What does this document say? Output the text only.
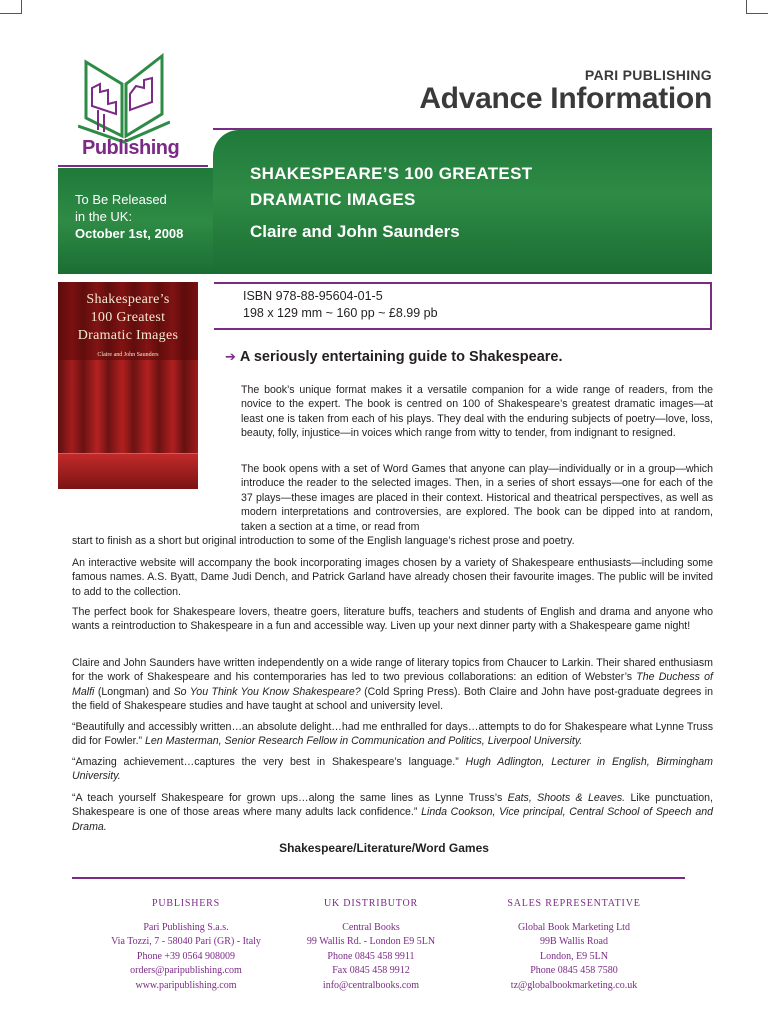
Publishing
PARI PUBLISHING
Advance Information
To Be Released
in the UK:
October 1st, 2008
SHAKESPEARE’S 100 GREATEST
DRAMATIC IMAGES
Claire and John Saunders
Shakespeare’s
100 Greatest
Dramatic Images
Claire and John Saunders
ISBN 978-88-95604-01-5
198 x 129 mm ~ 160 pp ~ £8.99 pb
➔ A seriously entertaining guide to Shakespeare.
The book’s unique format makes it a versatile companion for a wide range of readers, from the novice to the expert. The book is centred on 100 of Shakespeare’s greatest dramatic images—at least one is taken from each of his plays. They deal with the enduring subjects of poetry—love, loss, beauty, folly, injustice—in voices which range from witty to tender, from indignant to resigned.
The book opens with a set of Word Games that anyone can play—individually or in a group—which introduce the reader to the selected images. Then, in a series of short essays—one for each of the 37 plays—these images are placed in their context. Historical and theatrical perspectives, as well as modern interpretations and controversies, are explored. The book can be dipped into at random, taken a section at a time, or read from
start to finish as a short but original introduction to some of the English language’s richest prose and poetry.
An interactive website will accompany the book incorporating images chosen by a variety of Shakespeare enthusiasts—including some famous names. A.S. Byatt, Dame Judi Dench, and Patrick Garland have already chosen their favourite images. The public will be invited to add to the collection.
The perfect book for Shakespeare lovers, theatre goers, literature buffs, teachers and students of English and drama and anyone who wants a reintroduction to Shakespeare in a fun and accessible way. Liven up your next dinner party with a Shakespeare game night!
Claire and John Saunders have written independently on a wide range of literary topics from Chaucer to Larkin. Their shared enthusiasm for the work of Shakespeare and his contemporaries has led to two previous collaborations: an edition of Webster’s The Duchess of Malfi (Longman) and So You Think You Know Shakespeare? (Cold Spring Press). Both Claire and John have post-graduate degrees in the field of Shakespeare studies and have taught at school and university level.
“Beautifully and accessibly written…an absolute delight…had me enthralled for days…attempts to do for Shakespeare what Lynne Truss did for Fowler.” Len Masterman, Senior Research Fellow in Communication and Politics, Liverpool University.
“Amazing achievement…captures the very best in Shakespeare’s language.” Hugh Adlington, Lecturer in English, Birmingham University.
“A teach yourself Shakespeare for grown ups…along the same lines as Lynne Truss’s Eats, Shoots & Leaves. Like punctuation, Shakespeare is one of those areas where many adults lack confidence.” Linda Cookson, Vice principal, Central School of Speech and Drama.
Shakespeare/Literature/Word Games
PUBLISHERS
Pari Publishing S.a.s.
Via Tozzi, 7 - 58040 Pari (GR) - Italy
Phone +39 0564 908009
orders@paripublishing.com
www.paripublishing.com
UK DISTRIBUTOR
Central Books
99 Wallis Rd. - London E9 5LN
Phone 0845 458 9911
Fax 0845 458 9912
info@centralbooks.com
SALES REPRESENTATIVE
Global Book Marketing Ltd
99B Wallis Road
London, E9 5LN
Phone 0845 458 7580
tz@globalbookmarketing.co.uk
